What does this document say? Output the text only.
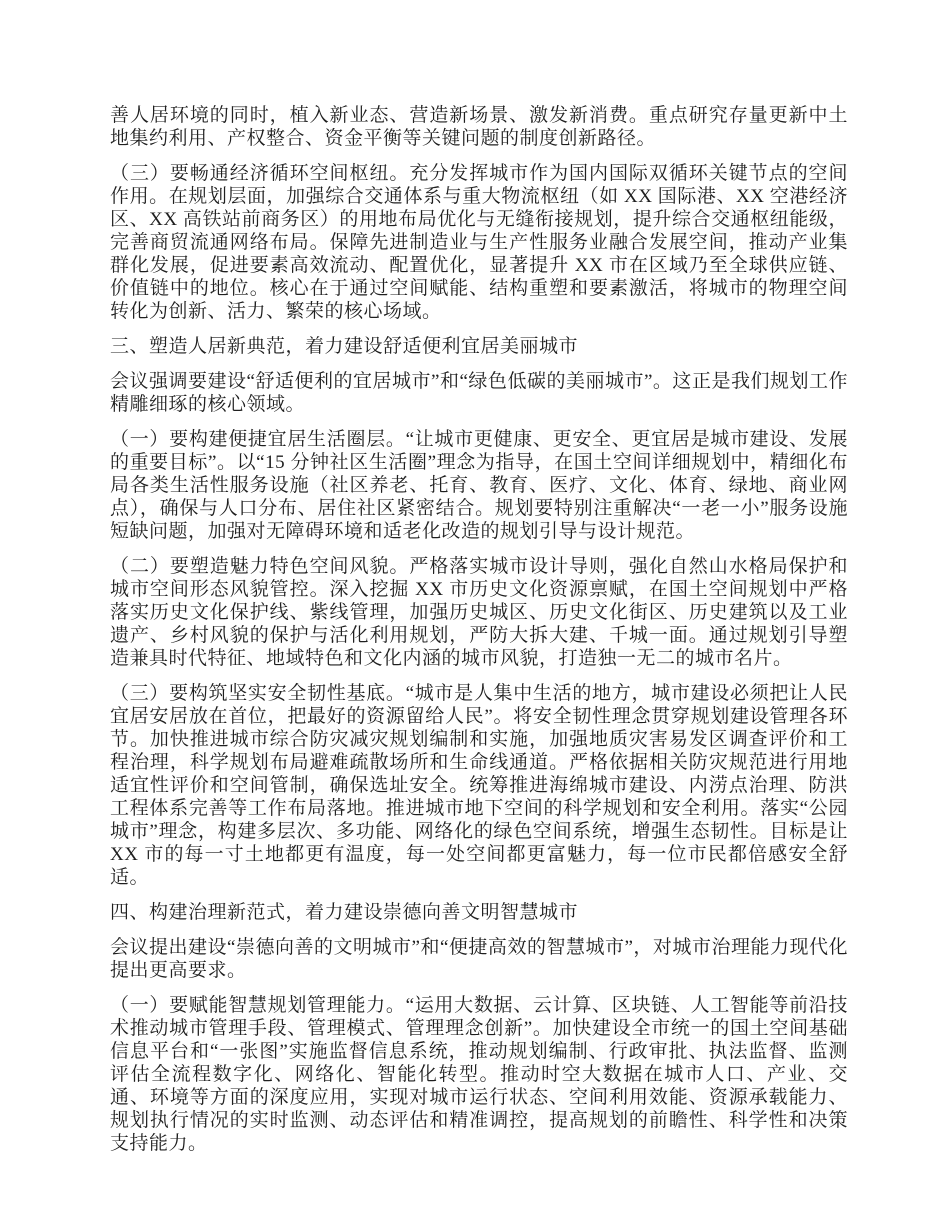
善人居环境的同时，植入新业态、营造新场景、激发新消费。重点研究存量更新中土地集约利用、产权整合、资金平衡等关键问题的制度创新路径。

（三）要畅通经济循环空间枢纽。充分发挥城市作为国内国际双循环关键节点的空间作用。在规划层面，加强综合交通体系与重大物流枢纽（如 XX 国际港、XX 空港经济区、XX 高铁站前商务区）的用地布局优化与无缝衔接规划，提升综合交通枢纽能级，完善商贸流通网络布局。保障先进制造业与生产性服务业融合发展空间，推动产业集群化发展，促进要素高效流动、配置优化，显著提升 XX 市在区域乃至全球供应链、价值链中的地位。核心在于通过空间赋能、结构重塑和要素激活，将城市的物理空间转化为创新、活力、繁荣的核心场域。

三、塑造人居新典范，着力建设舒适便利宜居美丽城市

会议强调要建设“舒适便利的宜居城市”和“绿色低碳的美丽城市”。这正是我们规划工作精雕细琢的核心领域。

（一）要构建便捷宜居生活圈层。“让城市更健康、更安全、更宜居是城市建设、发展的重要目标”。以“15 分钟社区生活圈”理念为指导，在国土空间详细规划中，精细化布局各类生活性服务设施（社区养老、托育、教育、医疗、文化、体育、绿地、商业网点），确保与人口分布、居住社区紧密结合。规划要特别注重解决“一老一小”服务设施短缺问题，加强对无障碍环境和适老化改造的规划引导与设计规范。

（二）要塑造魅力特色空间风貌。严格落实城市设计导则，强化自然山水格局保护和城市空间形态风貌管控。深入挖掘 XX 市历史文化资源禀赋，在国土空间规划中严格落实历史文化保护线、紫线管理，加强历史城区、历史文化街区、历史建筑以及工业遗产、乡村风貌的保护与活化利用规划，严防大拆大建、千城一面。通过规划引导塑造兼具时代特征、地域特色和文化内涵的城市风貌，打造独一无二的城市名片。

（三）要构筑坚实安全韧性基底。“城市是人集中生活的地方，城市建设必须把让人民宜居安居放在首位，把最好的资源留给人民”。将安全韧性理念贯穿规划建设管理各环节。加快推进城市综合防灾减灾规划编制和实施，加强地质灾害易发区调查评价和工程治理，科学规划布局避难疏散场所和生命线通道。严格依据相关防灾规范进行用地适宜性评价和空间管制，确保选址安全。统筹推进海绵城市建设、内涝点治理、防洪工程体系完善等工作布局落地。推进城市地下空间的科学规划和安全利用。落实“公园城市”理念，构建多层次、多功能、网络化的绿色空间系统，增强生态韧性。目标是让 XX 市的每一寸土地都更有温度，每一处空间都更富魅力，每一位市民都倍感安全舒适。

四、构建治理新范式，着力建设崇德向善文明智慧城市

会议提出建设“崇德向善的文明城市”和“便捷高效的智慧城市”，对城市治理能力现代化提出更高要求。

（一）要赋能智慧规划管理能力。“运用大数据、云计算、区块链、人工智能等前沿技术推动城市管理手段、管理模式、管理理念创新”。加快建设全市统一的国土空间基础信息平台和“一张图”实施监督信息系统，推动规划编制、行政审批、执法监督、监测评估全流程数字化、网络化、智能化转型。推动时空大数据在城市人口、产业、交通、环境等方面的深度应用，实现对城市运行状态、空间利用效能、资源承载能力、规划执行情况的实时监测、动态评估和精准调控，提高规划的前瞻性、科学性和决策支持能力。
